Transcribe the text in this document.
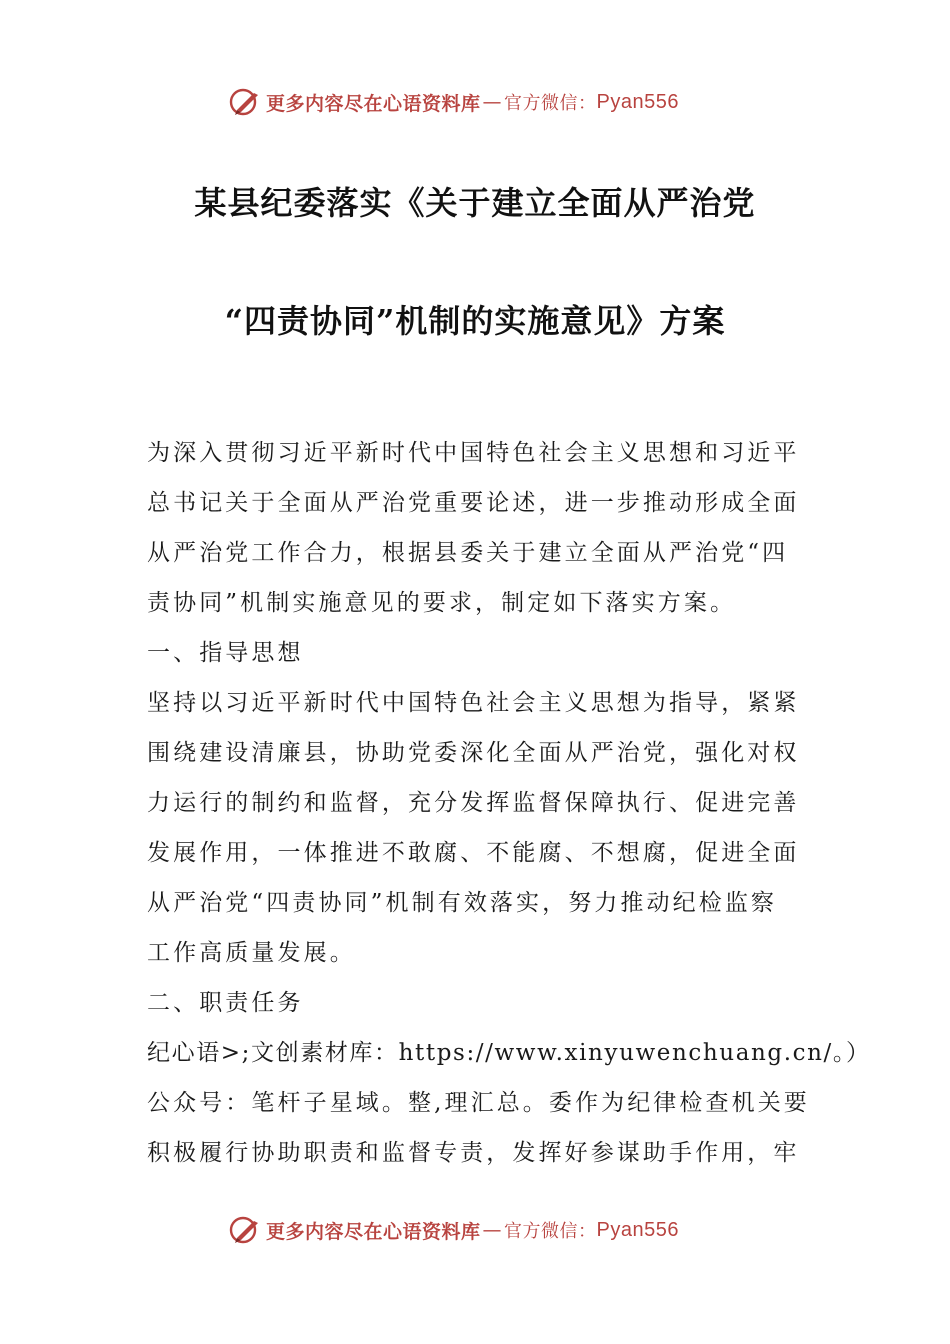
更多内容尽在心语资料库 — 官方微信： Pyan556
某县纪委落实《关于建立全面从严治党
“四责协同”机制的实施意见》方案
为深入贯彻习近平新时代中国特色社会主义思想和习近平
总书记关于全面从严治党重要论述，进一步推动形成全面
从严治党工作合力，根据县委关于建立全面从严治党“四
责协同”机制实施意见的要求，制定如下落实方案。
一、指导思想
坚持以习近平新时代中国特色社会主义思想为指导，紧紧
围绕建设清廉县，协助党委深化全面从严治党，强化对权
力运行的制约和监督，充分发挥监督保障执行、促进完善
发展作用，一体推进不敢腐、不能腐、不想腐，促进全面
从严治党“四责协同”机制有效落实，努力推动纪检监察
工作高质量发展。
二、职责任务
纪心语>;文创素材库：https://www.xinyuwenchuang.cn/。）
公众号：笔杆子星域。整,理汇总。委作为纪律检查机关要
积极履行协助职责和监督专责，发挥好参谋助手作用，牢
更多内容尽在心语资料库 — 官方微信： Pyan556
